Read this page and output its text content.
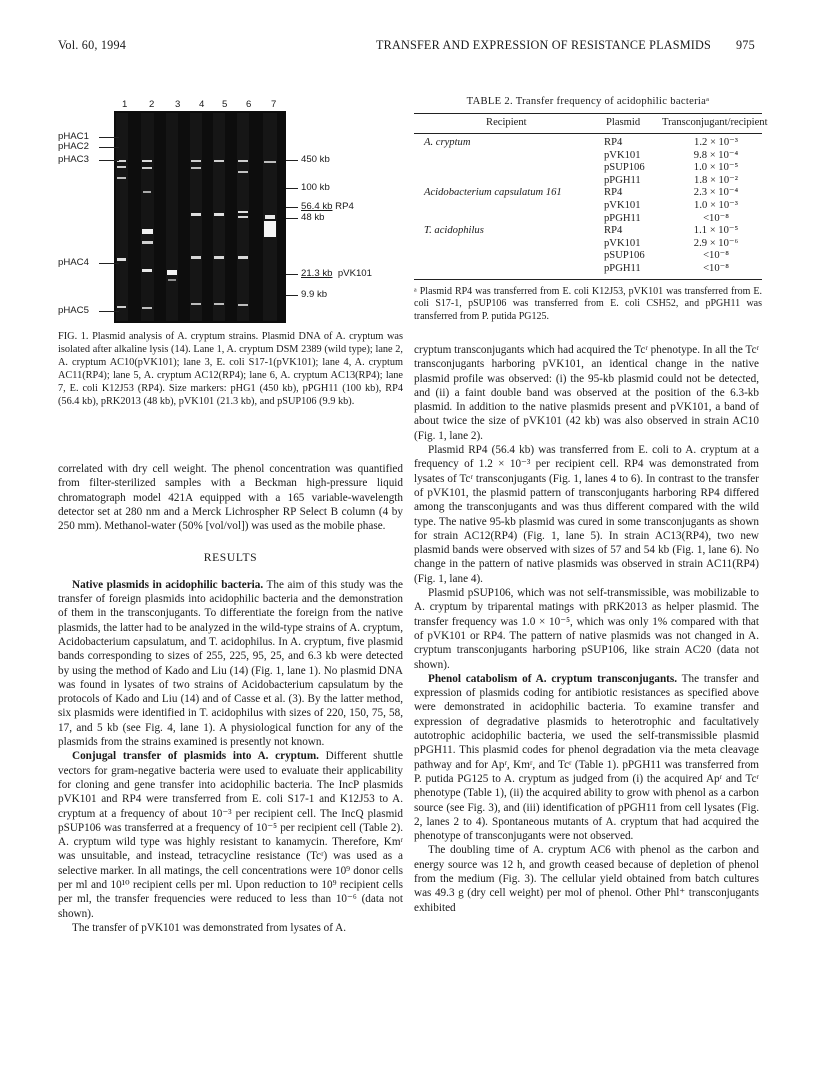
Vol. 60, 1994	TRANSFER AND EXPRESSION OF RESISTANCE PLASMIDS 975
1 2 3 4 5 6 7
pHAC1
pHAC2
pHAC3
pHAC4
pHAC5
450 kb
100 kb
56.4 kb RP4
48 kb
21.3 kb pVK101
9.9 kb
FIG. 1. Plasmid analysis of A. cryptum strains. Plasmid DNA of A. cryptum was isolated after alkaline lysis (14). Lane 1, A. cryptum DSM 2389 (wild type); lane 2, A. cryptum AC10(pVK101); lane 3, E. coli S17-1(pVK101); lane 4, A. cryptum AC11(RP4); lane 5, A. cryptum AC12(RP4); lane 6, A. cryptum AC13(RP4); lane 7, E. coli K12J53 (RP4). Size markers: pHG1 (450 kb), pPGH11 (100 kb), RP4 (56.4 kb), pRK2013 (48 kb), pVK101 (21.3 kb), and pSUP106 (9.9 kb).

correlated with dry cell weight. The phenol concentration was quantified from filter-sterilized samples with a Beckman high-pressure liquid chromatograph model 421A equipped with a 165 variable-wavelength detector set at 280 nm and a Merck Lichrospher RP Select B column (4 by 250 mm). Methanol-water (50% [vol/vol]) was used as the mobile phase.

RESULTS

Native plasmids in acidophilic bacteria. The aim of this study was the transfer of foreign plasmids into acidophilic bacteria and the demonstration of them in the transconjugants. To differentiate the foreign from the native plasmids, the latter had to be analyzed in the wild-type strains of A. cryptum, Acidobacterium capsulatum, and T. acidophilus. In A. cryptum, five plasmid bands corresponding to sizes of 255, 225, 95, 25, and 6.3 kb were detected by using the method of Kado and Liu (14) (Fig. 1, lane 1). No plasmid DNA was found in lysates of two strains of Acidobacterium capsulatum by the protocols of Kado and Liu (14) and of Casse et al. (3). By the latter method, six plasmids were identified in T. acidophilus with sizes of 220, 150, 75, 58, 17, and 5 kb (see Fig. 4, lane 1). A physiological function for any of the plasmids from the strains examined is presently not known.

Conjugal transfer of plasmids into A. cryptum. Different shuttle vectors for gram-negative bacteria were used to evaluate their applicability for cloning and gene transfer into acidophilic bacteria. The IncP plasmids pVK101 and RP4 were transferred from E. coli S17-1 and K12J53 to A. cryptum at a frequency of about 10⁻³ per recipient cell. The IncQ plasmid pSUP106 was transferred at a frequency of 10⁻⁵ per recipient cell (Table 2). A. cryptum wild type was highly resistant to kanamycin. Therefore, Kmʳ was unsuitable, and instead, tetracycline resistance (Tcʳ) was used as a selective marker. In all matings, the cell concentrations were 10⁹ donor cells per ml and 10¹⁰ recipient cells per ml. Upon reduction to 10⁹ recipient cells per ml, the transfer frequencies were reduced to less than 10⁻⁶ (data not shown).

The transfer of pVK101 was demonstrated from lysates of A.

TABLE 2. Transfer frequency of acidophilic bacteriaᵃ
Recipient	Plasmid Transconjugant/recipient
A. cryptum	RP4	1.2 × 10⁻³
	pVK101	9.8 × 10⁻⁴
	pSUP106	1.0 × 10⁻⁵
	pPGH11	1.8 × 10⁻²
Acidobacterium capsulatum 161	RP4	2.3 × 10⁻⁴
	pVK101	1.0 × 10⁻³
	pPGH11	<10⁻⁸
T. acidophilus	RP4	1.1 × 10⁻⁵
	pVK101	2.9 × 10⁻⁶
	pSUP106	<10⁻⁸
	pPGH11	<10⁻⁸
ᵃ Plasmid RP4 was transferred from E. coli K12J53, pVK101 was transferred from E. coli S17-1, pSUP106 was transferred from E. coli CSH52, and pPGH11 was transferred from P. putida PG125.

cryptum transconjugants which had acquired the Tcʳ phenotype. In all the Tcʳ transconjugants harboring pVK101, an identical change in the native plasmid profile was observed: (i) the 95-kb plasmid could not be detected, and (ii) a faint double band was observed at the position of the 6.3-kb plasmid. In addition to the native plasmids present and pVK101, a band of about twice the size of pVK101 (42 kb) was also observed in strain AC10 (Fig. 1, lane 2).

Plasmid RP4 (56.4 kb) was transferred from E. coli to A. cryptum at a frequency of 1.2 × 10⁻³ per recipient cell. RP4 was demonstrated from lysates of Tcʳ transconjugants (Fig. 1, lanes 4 to 6). In contrast to the transfer of pVK101, the plasmid pattern of transconjugants harboring RP4 differed among the transconjugants and was thus different compared with the wild type. The native 95-kb plasmid was cured in some transconjugants as shown for strain AC12(RP4) (Fig. 1, lane 5). In strain AC13(RP4), two new plasmid bands were observed with sizes of 57 and 54 kb (Fig. 1, lane 6). No change in the pattern of native plasmids was observed in strain AC11(RP4) (Fig. 1, lane 4).

Plasmid pSUP106, which was not self-transmissible, was mobilizable to A. cryptum by triparental matings with pRK2013 as helper plasmid. The transfer frequency was 1.0 × 10⁻⁵, which was only 1% compared with that of pVK101 or RP4. The pattern of native plasmids was not changed in A. cryptum transconjugants harboring pSUP106, like strain AC20 (data not shown).

Phenol catabolism of A. cryptum transconjugants. The transfer and expression of plasmids coding for antibiotic resistances as specified above were demonstrated in acidophilic bacteria. To examine transfer and expression of degradative plasmids to heterotrophic and facultatively autotrophic acidophilic bacteria, we used the self-transmissible plasmid pPGH11. This plasmid codes for phenol degradation via the meta cleavage pathway and for Apʳ, Kmʳ, and Tcʳ (Table 1). pPGH11 was transferred from P. putida PG125 to A. cryptum as judged from (i) the acquired Apʳ and Tcʳ phenotype (Table 1), (ii) the acquired ability to grow with phenol as a carbon source (see Fig. 3), and (iii) identification of pPGH11 from cell lysates (Fig. 2, lanes 2 to 4). Spontaneous mutants of A. cryptum that had acquired the phenotype of transconjugants were not observed.

The doubling time of A. cryptum AC6 with phenol as the carbon and energy source was 12 h, and growth ceased because of depletion of phenol from the medium (Fig. 3). The cellular yield obtained from batch cultures was 49.3 g (dry cell weight) per mol of phenol. Other Phl⁺ transconjugants exhibited
